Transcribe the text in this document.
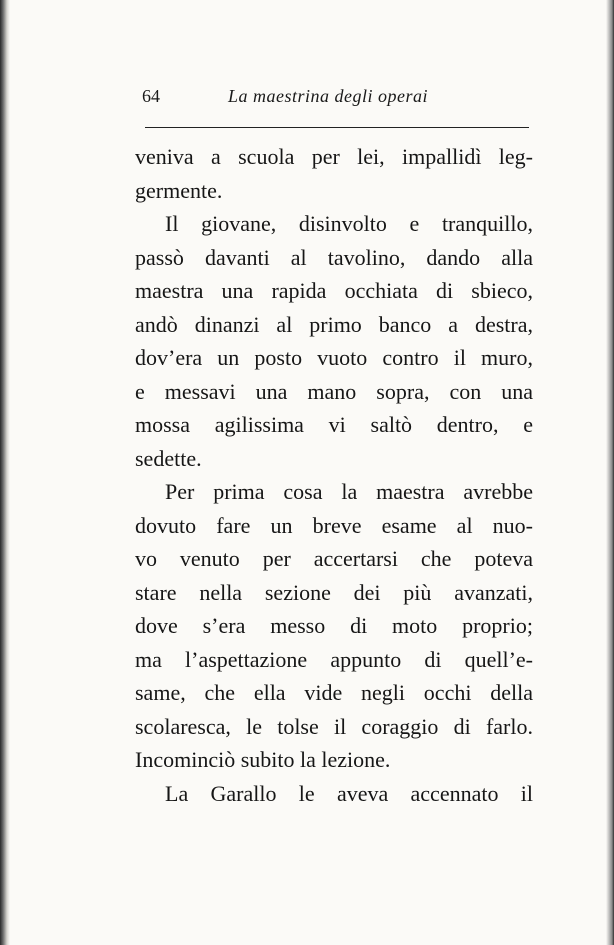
64	La maestrina degli operai
veniva a scuola per lei, impallidì leg-
germente.
Il giovane, disinvolto e tranquillo,
passò davanti al tavolino, dando alla
maestra una rapida occhiata di sbieco,
andò dinanzi al primo banco a destra,
dov’era un posto vuoto contro il muro,
e messavi una mano sopra, con una
mossa agilissima vi saltò dentro, e
sedette.
Per prima cosa la maestra avrebbe
dovuto fare un breve esame al nuo-
vo venuto per accertarsi che poteva
stare nella sezione dei più avanzati,
dove s’era messo di moto proprio;
ma l’aspettazione appunto di quell’e-
same, che ella vide negli occhi della
scolaresca, le tolse il coraggio di farlo.
Incominciò subito la lezione.
La Garallo le aveva accennato il
